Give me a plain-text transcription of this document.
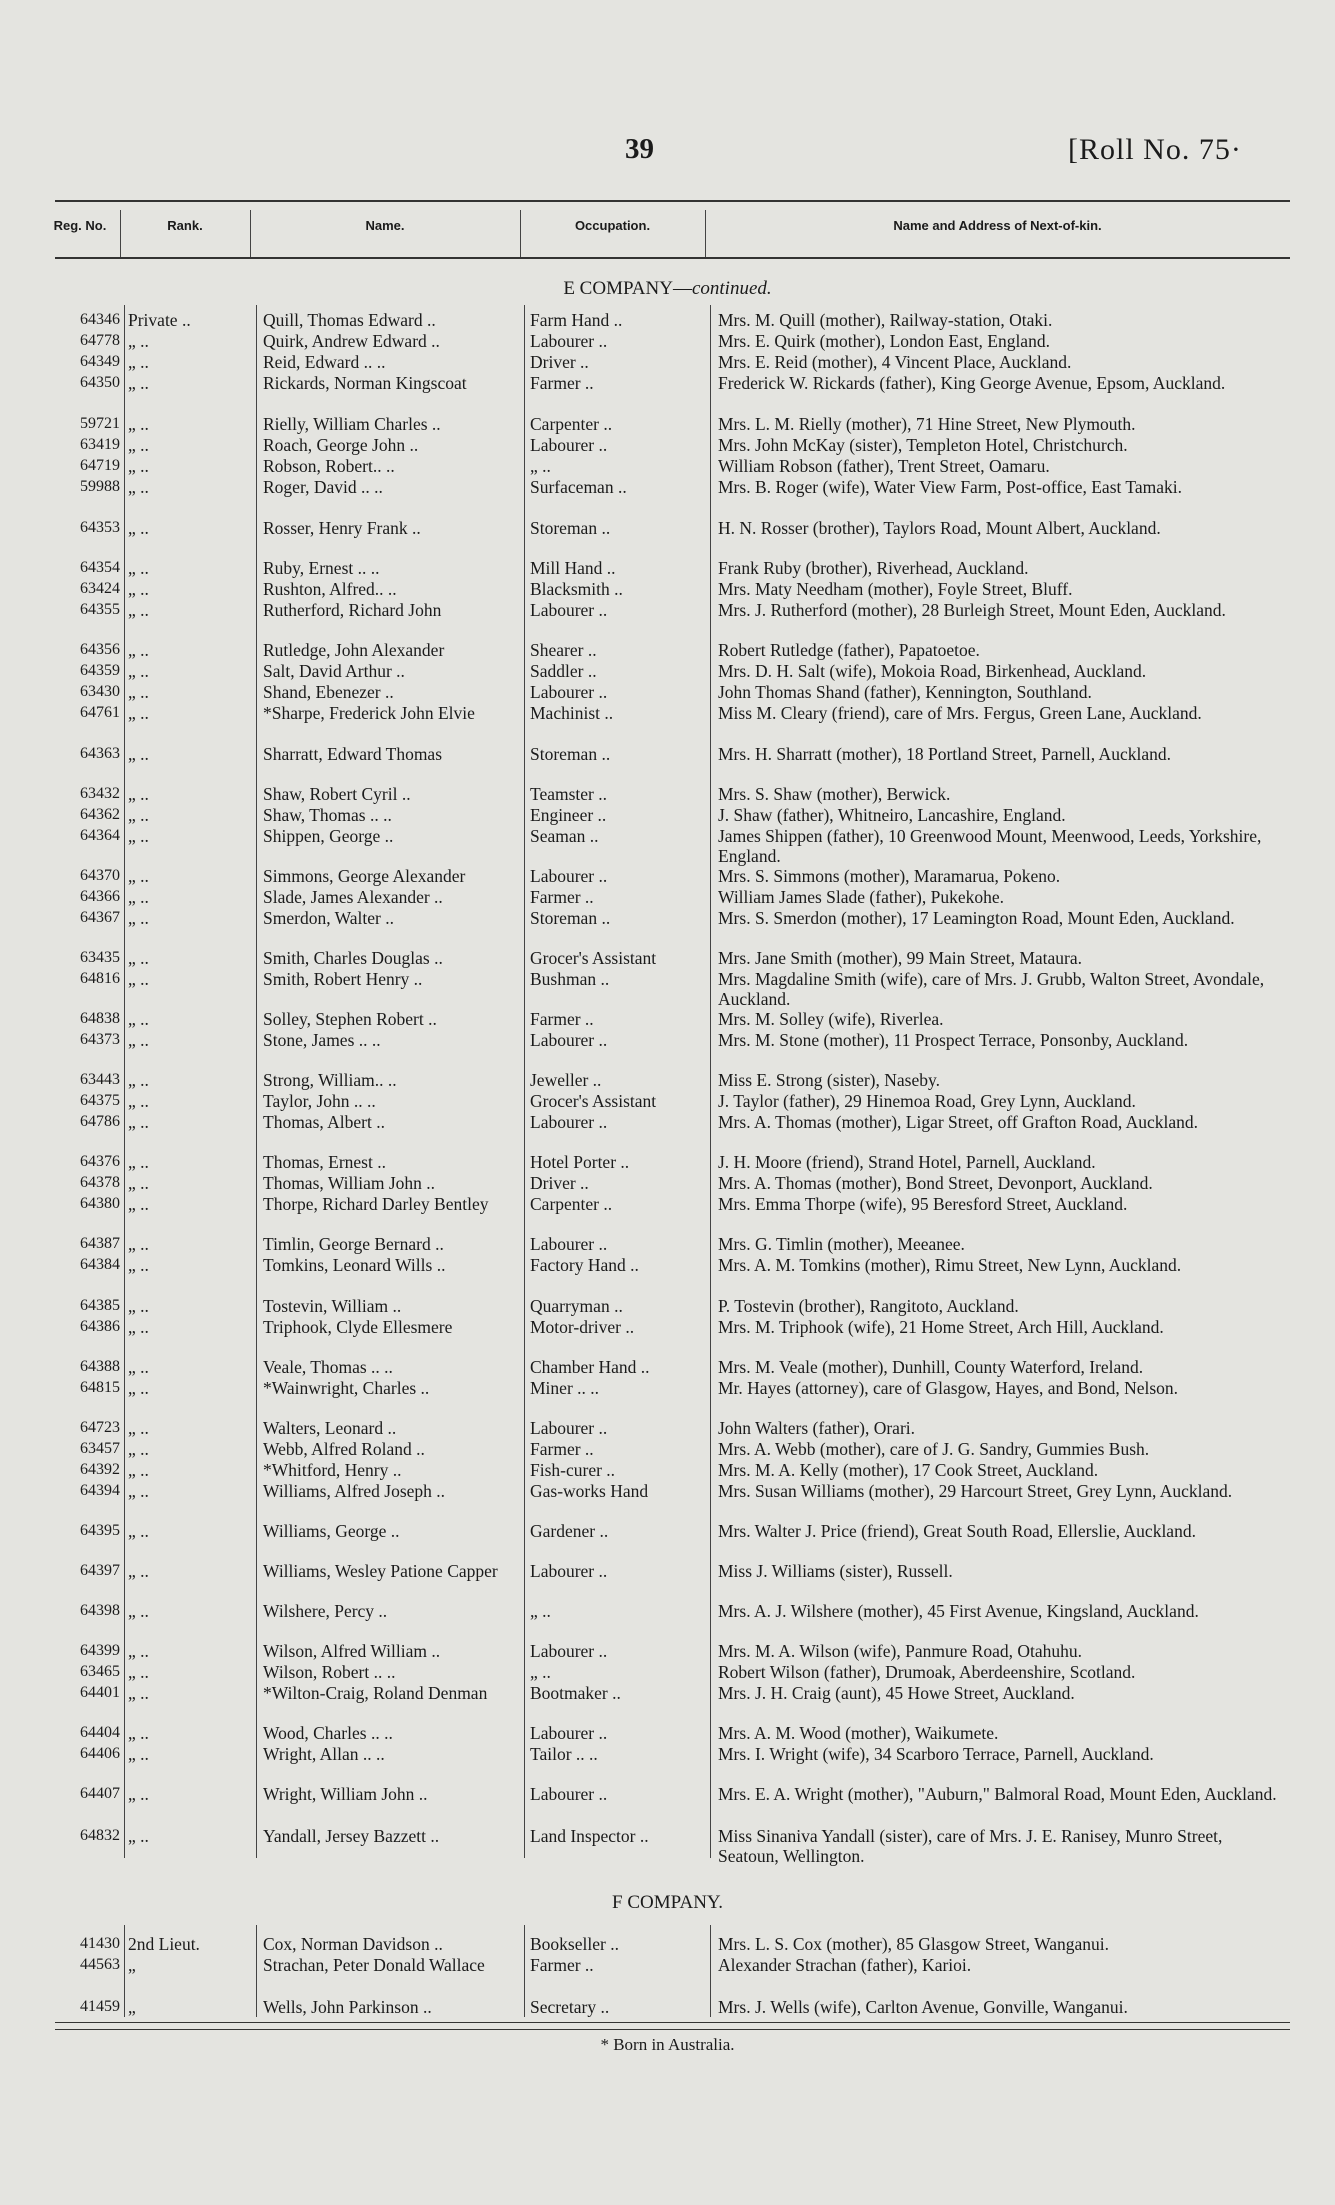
39	[Roll No. 75·
Reg. No.	Rank.	Name.	Occupation.	Name and Address of Next-of-kin.
E COMPANY—continued.
64346 Private ..	Quill, Thomas Edward ..	Farm Hand ..	Mrs. M. Quill (mother), Railway-station, Otaki.
64778 „ ..	Quirk, Andrew Edward ..	Labourer ..	Mrs. E. Quirk (mother), London East, England.
64349 „ ..	Reid, Edward .. ..	Driver ..	Mrs. E. Reid (mother), 4 Vincent Place, Auckland.
64350 „ ..	Rickards, Norman Kingscoat	Farmer ..	Frederick W. Rickards (father), King George Avenue, Epsom, Auckland.
59721 „ ..	Rielly, William Charles ..	Carpenter ..	Mrs. L. M. Rielly (mother), 71 Hine Street, New Plymouth.
63419 „ ..	Roach, George John ..	Labourer ..	Mrs. John McKay (sister), Templeton Hotel, Christchurch.
64719 „ ..	Robson, Robert.. ..	„ ..	William Robson (father), Trent Street, Oamaru.
59988 „ ..	Roger, David .. ..	Surfaceman ..	Mrs. B. Roger (wife), Water View Farm, Post-office, East Tamaki.
64353 „ ..	Rosser, Henry Frank ..	Storeman ..	H. N. Rosser (brother), Taylors Road, Mount Albert, Auckland.
64354 „ ..	Ruby, Ernest .. ..	Mill Hand ..	Frank Ruby (brother), Riverhead, Auckland.
63424 „ ..	Rushton, Alfred.. ..	Blacksmith ..	Mrs. Maty Needham (mother), Foyle Street, Bluff.
64355 „ ..	Rutherford, Richard John	Labourer ..	Mrs. J. Rutherford (mother), 28 Burleigh Street, Mount Eden, Auckland.
64356 „ ..	Rutledge, John Alexander	Shearer ..	Robert Rutledge (father), Papatoetoe.
64359 „ ..	Salt, David Arthur ..	Saddler ..	Mrs. D. H. Salt (wife), Mokoia Road, Birkenhead, Auckland.
63430 „ ..	Shand, Ebenezer ..	Labourer ..	John Thomas Shand (father), Kennington, Southland.
64761 „ ..	*Sharpe, Frederick John Elvie	Machinist ..	Miss M. Cleary (friend), care of Mrs. Fergus, Green Lane, Auckland.
64363 „ ..	Sharratt, Edward Thomas	Storeman ..	Mrs. H. Sharratt (mother), 18 Portland Street, Parnell, Auckland.
63432 „ ..	Shaw, Robert Cyril ..	Teamster ..	Mrs. S. Shaw (mother), Berwick.
64362 „ ..	Shaw, Thomas .. ..	Engineer ..	J. Shaw (father), Whitneiro, Lancashire, England.
64364 „ ..	Shippen, George ..	Seaman ..	James Shippen (father), 10 Greenwood Mount, Meenwood, Leeds, Yorkshire, England.
64370 „ ..	Simmons, George Alexander	Labourer ..	Mrs. S. Simmons (mother), Maramarua, Pokeno.
64366 „ ..	Slade, James Alexander ..	Farmer ..	William James Slade (father), Pukekohe.
64367 „ ..	Smerdon, Walter ..	Storeman ..	Mrs. S. Smerdon (mother), 17 Leamington Road, Mount Eden, Auckland.
63435 „ ..	Smith, Charles Douglas ..	Grocer's Assistant	Mrs. Jane Smith (mother), 99 Main Street, Mataura.
64816 „ ..	Smith, Robert Henry ..	Bushman ..	Mrs. Magdaline Smith (wife), care of Mrs. J. Grubb, Walton Street, Avondale, Auckland.
64838 „ ..	Solley, Stephen Robert ..	Farmer ..	Mrs. M. Solley (wife), Riverlea.
64373 „ ..	Stone, James .. ..	Labourer ..	Mrs. M. Stone (mother), 11 Prospect Terrace, Ponsonby, Auckland.
63443 „ ..	Strong, William.. ..	Jeweller ..	Miss E. Strong (sister), Naseby.
64375 „ ..	Taylor, John .. ..	Grocer's Assistant	J. Taylor (father), 29 Hinemoa Road, Grey Lynn, Auckland.
64786 „ ..	Thomas, Albert ..	Labourer ..	Mrs. A. Thomas (mother), Ligar Street, off Grafton Road, Auckland.
64376 „ ..	Thomas, Ernest ..	Hotel Porter ..	J. H. Moore (friend), Strand Hotel, Parnell, Auckland.
64378 „ ..	Thomas, William John ..	Driver ..	Mrs. A. Thomas (mother), Bond Street, Devonport, Auckland.
64380 „ ..	Thorpe, Richard Darley Bentley	Carpenter ..	Mrs. Emma Thorpe (wife), 95 Beresford Street, Auckland.
64387 „ ..	Timlin, George Bernard ..	Labourer ..	Mrs. G. Timlin (mother), Meeanee.
64384 „ ..	Tomkins, Leonard Wills ..	Factory Hand ..	Mrs. A. M. Tomkins (mother), Rimu Street, New Lynn, Auckland.
64385 „ ..	Tostevin, William ..	Quarryman ..	P. Tostevin (brother), Rangitoto, Auckland.
64386 „ ..	Triphook, Clyde Ellesmere	Motor-driver ..	Mrs. M. Triphook (wife), 21 Home Street, Arch Hill, Auckland.
64388 „ ..	Veale, Thomas .. ..	Chamber Hand ..	Mrs. M. Veale (mother), Dunhill, County Waterford, Ireland.
64815 „ ..	*Wainwright, Charles ..	Miner .. ..	Mr. Hayes (attorney), care of Glasgow, Hayes, and Bond, Nelson.
64723 „ ..	Walters, Leonard ..	Labourer ..	John Walters (father), Orari.
63457 „ ..	Webb, Alfred Roland ..	Farmer ..	Mrs. A. Webb (mother), care of J. G. Sandry, Gummies Bush.
64392 „ ..	*Whitford, Henry ..	Fish-curer ..	Mrs. M. A. Kelly (mother), 17 Cook Street, Auckland.
64394 „ ..	Williams, Alfred Joseph ..	Gas-works Hand	Mrs. Susan Williams (mother), 29 Harcourt Street, Grey Lynn, Auckland.
64395 „ ..	Williams, George ..	Gardener ..	Mrs. Walter J. Price (friend), Great South Road, Ellerslie, Auckland.
64397 „ ..	Williams, Wesley Patione Capper	Labourer ..	Miss J. Williams (sister), Russell.
64398 „ ..	Wilshere, Percy ..	„ ..	Mrs. A. J. Wilshere (mother), 45 First Avenue, Kingsland, Auckland.
64399 „ ..	Wilson, Alfred William ..	Labourer ..	Mrs. M. A. Wilson (wife), Panmure Road, Otahuhu.
63465 „ ..	Wilson, Robert .. ..	„ ..	Robert Wilson (father), Drumoak, Aberdeenshire, Scotland.
64401 „ ..	*Wilton-Craig, Roland Denman	Bootmaker ..	Mrs. J. H. Craig (aunt), 45 Howe Street, Auckland.
64404 „ ..	Wood, Charles .. ..	Labourer ..	Mrs. A. M. Wood (mother), Waikumete.
64406 „ ..	Wright, Allan .. ..	Tailor .. ..	Mrs. I. Wright (wife), 34 Scarboro Terrace, Parnell, Auckland.
64407 „ ..	Wright, William John ..	Labourer ..	Mrs. E. A. Wright (mother), "Auburn," Balmoral Road, Mount Eden, Auckland.
64832 „ ..	Yandall, Jersey Bazzett ..	Land Inspector ..	Miss Sinaniva Yandall (sister), care of Mrs. J. E. Ranisey, Munro Street, Seatoun, Wellington.
F COMPANY.
41430 2nd Lieut.	Cox, Norman Davidson ..	Bookseller ..	Mrs. L. S. Cox (mother), 85 Glasgow Street, Wanganui.
44563 „	Strachan, Peter Donald Wallace	Farmer ..	Alexander Strachan (father), Karioi.
41459 „	Wells, John Parkinson ..	Secretary ..	Mrs. J. Wells (wife), Carlton Avenue, Gonville, Wanganui.
* Born in Australia.
